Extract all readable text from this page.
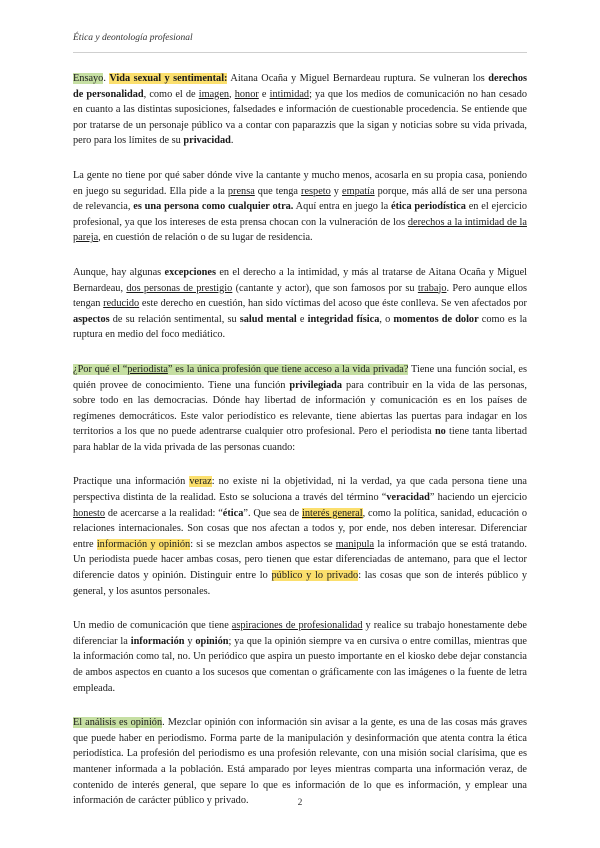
Ética y deontología profesional

Ensayo. Vida sexual y sentimental: Aitana Ocaña y Miguel Bernardeau ruptura. Se vulneran los derechos de personalidad, como el de imagen, honor e intimidad; ya que los medios de comunicación no han cesado en cuanto a las distintas suposiciones, falsedades e información de cuestionable procedencia. Se entiende que por tratarse de un personaje público va a contar con paparazzis que la sigan y noticias sobre su vida privada, pero para los límites de su privacidad.

La gente no tiene por qué saber dónde vive la cantante y mucho menos, acosarla en su propia casa, poniendo en juego su seguridad. Ella pide a la prensa que tenga respeto y empatía porque, más allá de ser una persona de relevancia, es una persona como cualquier otra. Aquí entra en juego la ética periodística en el ejercicio profesional, ya que los intereses de esta prensa chocan con la vulneración de los derechos a la intimidad de la pareja, en cuestión de relación o de su lugar de residencia.

Aunque, hay algunas excepciones en el derecho a la intimidad, y más al tratarse de Aitana Ocaña y Miguel Bernardeau, dos personas de prestigio (cantante y actor), que son famosos por su trabajo. Pero aunque ellos tengan reducido este derecho en cuestión, han sido víctimas del acoso que éste conlleva. Se ven afectados por aspectos de su relación sentimental, su salud mental e integridad física, o momentos de dolor como es la ruptura en medio del foco mediático.

¿Por qué el “periodista” es la única profesión que tiene acceso a la vida privada? Tiene una función social, es quién provee de conocimiento. Tiene una función privilegiada para contribuir en la vida de las personas, sobre todo en las democracias. Dónde hay libertad de información y comunicación es en los países de regímenes democráticos. Este valor periodístico es relevante, tiene abiertas las puertas para indagar en los territorios a los que no puede adentrarse cualquier otro profesional. Pero el periodista no tiene tanta libertad para hablar de la vida privada de las personas cuando:

Practique una información veraz: no existe ni la objetividad, ni la verdad, ya que cada persona tiene una perspectiva distinta de la realidad. Esto se soluciona a través del término “veracidad” haciendo un ejercicio honesto de acercarse a la realidad: “ética”. Que sea de interés general, como la política, sanidad, educación o relaciones internacionales. Son cosas que nos afectan a todos y, por ende, nos deben interesar. Diferenciar entre información y opinión: si se mezclan ambos aspectos se manipula la información que se está tratando. Un periodista puede hacer ambas cosas, pero tienen que estar diferenciadas de antemano, para que el lector diferencie datos y opinión. Distinguir entre lo público y lo privado: las cosas que son de interés público y general, y los asuntos personales.

Un medio de comunicación que tiene aspiraciones de profesionalidad y realice su trabajo honestamente debe diferenciar la información y opinión; ya que la opinión siempre va en cursiva o entre comillas, mientras que la información como tal, no. Un periódico que aspira un puesto importante en el kiosko debe dejar constancia de ambos aspectos en cuanto a los sucesos que comentan o gráficamente con las imágenes o la fuente de letra empleada.

El análisis es opinión. Mezclar opinión con información sin avisar a la gente, es una de las cosas más graves que puede haber en periodismo. Forma parte de la manipulación y desinformación que atenta contra la ética periodística. La profesión del periodismo es una profesión relevante, con una misión social clarísima, que es mantener informada a la población. Está amparado por leyes mientras comparta una información veraz, de contenido de interés general, que separe lo que es información de lo que es información, y emplear una información de carácter público y privado.	2
